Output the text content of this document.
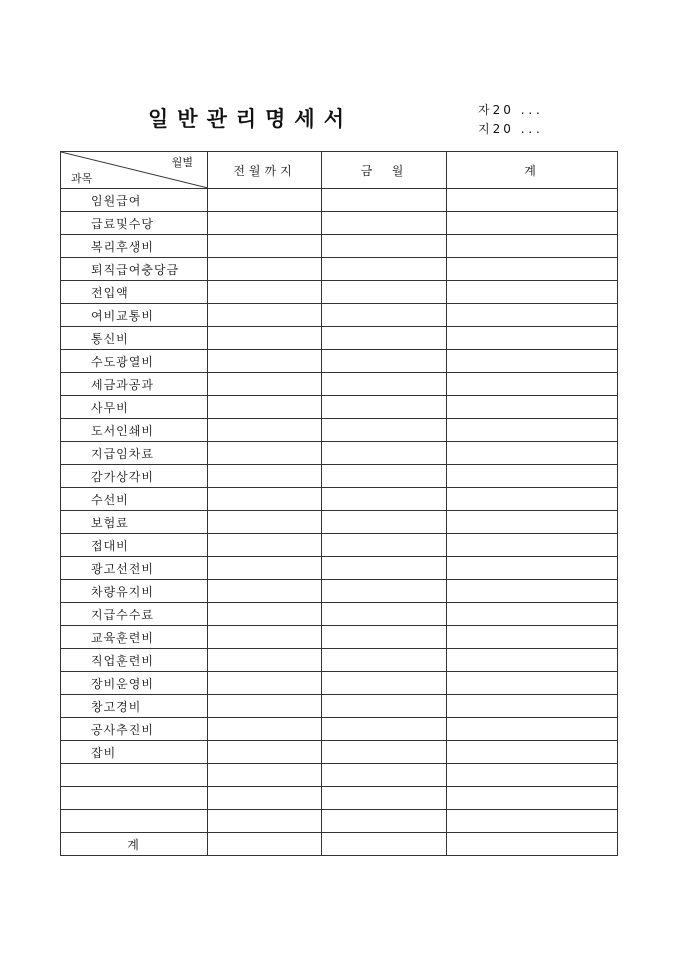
일반관리명세서	자20 . . .
지20 . . .
월별
과목	전월까지	금  월	계
임원급여			
급료및수당			
복리후생비			
퇴직급여충당금			
전입액			
여비교통비			
통신비			
수도광열비			
세금과공과			
사무비			
도서인쇄비			
지급임차료			
감가상각비			
수선비			
보험료			
접대비			
광고선전비			
차량유지비			
지급수수료			
교육훈련비			
직업훈련비			
장비운영비			
창고경비			
공사추진비			
잡비			

계			
